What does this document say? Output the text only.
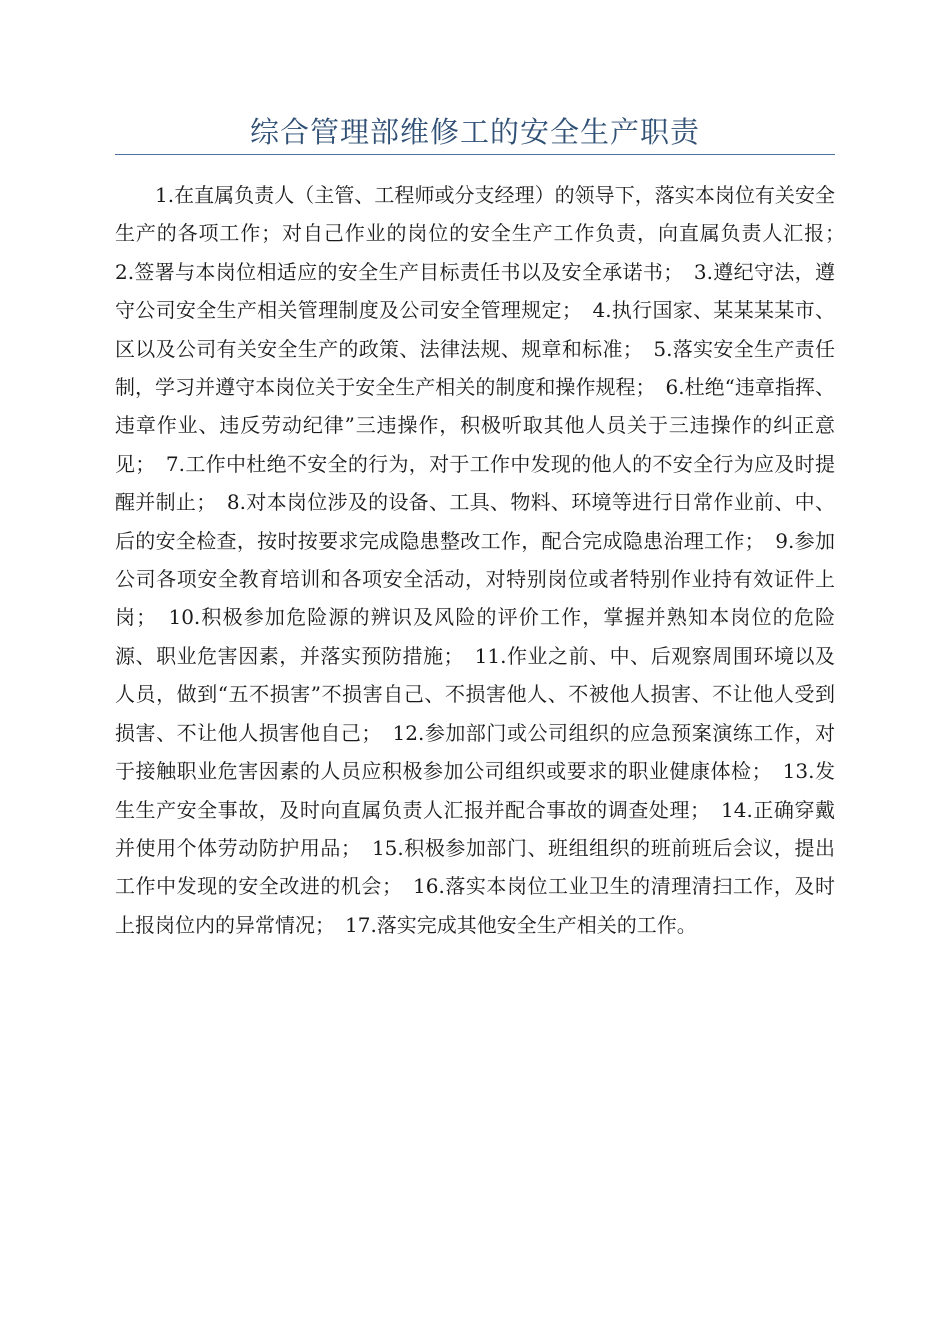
综合管理部维修工的安全生产职责

1.在直属负责人（主管、工程师或分支经理）的领导下，落实本岗位有关安全生产的各项工作；对自己作业的岗位的安全生产工作负责，向直属负责人汇报；　2.签署与本岗位相适应的安全生产目标责任书以及安全承诺书；　3.遵纪守法，遵守公司安全生产相关管理制度及公司安全管理规定；　4.执行国家、某某某某市、区以及公司有关安全生产的政策、法律法规、规章和标准；　5.落实安全生产责任制，学习并遵守本岗位关于安全生产相关的制度和操作规程；　6.杜绝“违章指挥、违章作业、违反劳动纪律”三违操作，积极听取其他人员关于三违操作的纠正意见；　7.工作中杜绝不安全的行为，对于工作中发现的他人的不安全行为应及时提醒并制止；　8.对本岗位涉及的设备、工具、物料、环境等进行日常作业前、中、后的安全检查，按时按要求完成隐患整改工作，配合完成隐患治理工作；　9.参加公司各项安全教育培训和各项安全活动，对特别岗位或者特别作业持有效证件上岗；　10.积极参加危险源的辨识及风险的评价工作，掌握并熟知本岗位的危险源、职业危害因素，并落实预防措施；　11.作业之前、中、后观察周围环境以及人员，做到“五不损害”不损害自己、不损害他人、不被他人损害、不让他人受到损害、不让他人损害他自己；　12.参加部门或公司组织的应急预案演练工作，对于接触职业危害因素的人员应积极参加公司组织或要求的职业健康体检；　13.发生生产安全事故，及时向直属负责人汇报并配合事故的调查处理；　14.正确穿戴并使用个体劳动防护用品；　15.积极参加部门、班组组织的班前班后会议，提出工作中发现的安全改进的机会；　16.落实本岗位工业卫生的清理清扫工作，及时上报岗位内的异常情况；　17.落实完成其他安全生产相关的工作。
